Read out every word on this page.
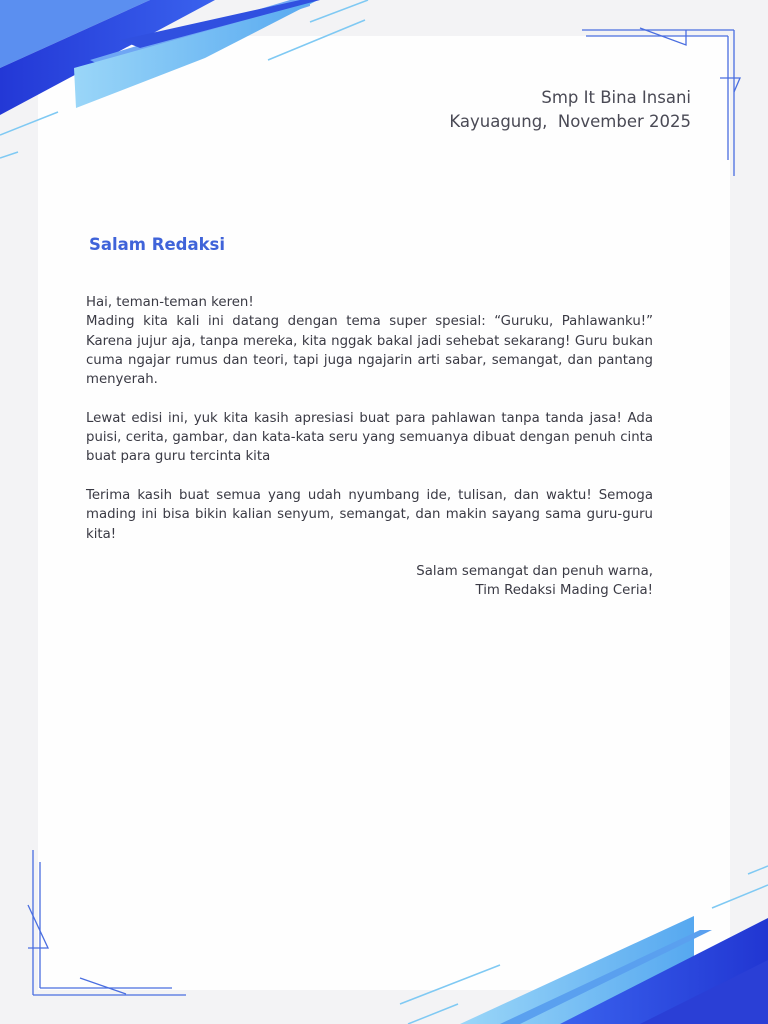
Smp It Bina Insani
Kayuagung,  November 2025
Salam Redaksi

Hai, teman-teman keren!
Mading kita kali ini datang dengan tema super spesial: “Guruku, Pahlawanku!” Karena jujur aja, tanpa mereka, kita nggak bakal jadi sehebat sekarang! Guru bukan cuma ngajar rumus dan teori, tapi juga ngajarin arti sabar, semangat, dan pantang menyerah.

Lewat edisi ini, yuk kita kasih apresiasi buat para pahlawan tanpa tanda jasa! Ada puisi, cerita, gambar, dan kata-kata seru yang semuanya dibuat dengan penuh cinta buat para guru tercinta kita

Terima kasih buat semua yang udah nyumbang ide, tulisan, dan waktu! Semoga mading ini bisa bikin kalian senyum, semangat, dan makin sayang sama guru-guru kita!

Salam semangat dan penuh warna,
Tim Redaksi Mading Ceria!
